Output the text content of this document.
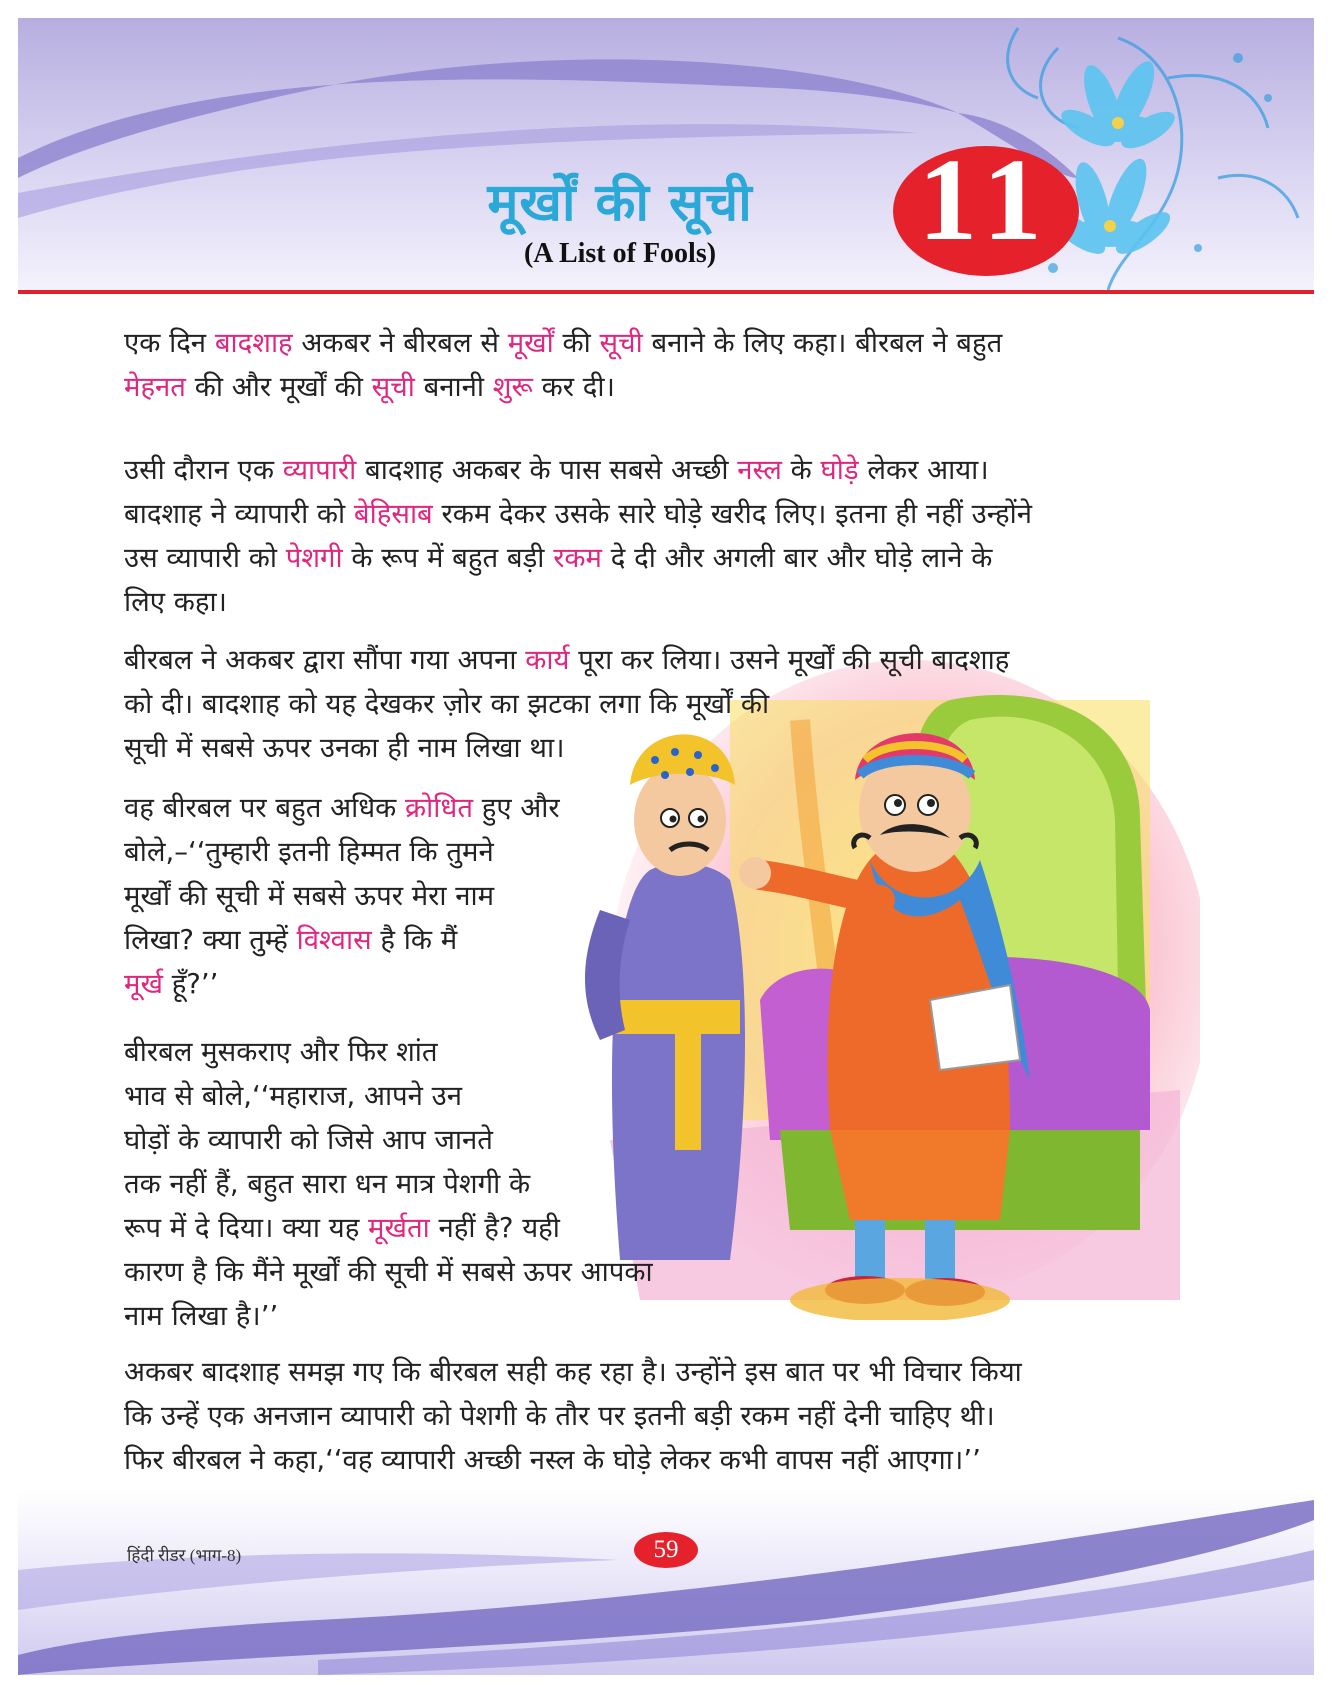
मूर्खों की सूची
(A List of Fools)	11
एक दिन बादशाह अकबर ने बीरबल से मूर्खों की सूची बनाने के लिए कहा। बीरबल ने बहुत
मेहनत की और मूर्खों की सूची बनानी शुरू कर दी।
उसी दौरान एक व्यापारी बादशाह अकबर के पास सबसे अच्छी नस्ल के घोड़े लेकर आया।
बादशाह ने व्यापारी को बेहिसाब रकम देकर उसके सारे घोड़े खरीद लिए। इतना ही नहीं उन्होंने
उस व्यापारी को पेशगी के रूप में बहुत बड़ी रकम दे दी और अगली बार और घोड़े लाने के
लिए कहा।
बीरबल ने अकबर द्वारा सौंपा गया अपना कार्य पूरा कर लिया। उसने मूर्खों की सूची बादशाह
को दी। बादशाह को यह देखकर ज़ोर का झटका लगा कि मूर्खों की
सूची में सबसे ऊपर उनका ही नाम लिखा था।
वह बीरबल पर बहुत अधिक क्रोधित हुए और
बोले,–‘‘तुम्हारी इतनी हिम्मत कि तुमने
मूर्खों की सूची में सबसे ऊपर मेरा नाम
लिखा? क्या तुम्हें विश्वास है कि मैं
मूर्ख हूँ?’’
बीरबल मुसकराए और फिर शांत
भाव से बोले,‘‘महाराज, आपने उन
घोड़ों के व्यापारी को जिसे आप जानते
तक नहीं हैं, बहुत सारा धन मात्र पेशगी के
रूप में दे दिया। क्या यह मूर्खता नहीं है? यही
कारण है कि मैंने मूर्खों की सूची में सबसे ऊपर आपका
नाम लिखा है।’’
अकबर बादशाह समझ गए कि बीरबल सही कह रहा है। उन्होंने इस बात पर भी विचार किया
कि उन्हें एक अनजान व्यापारी को पेशगी के तौर पर इतनी बड़ी रकम नहीं देनी चाहिए थी।
फिर बीरबल ने कहा,‘‘वह व्यापारी अच्छी नस्ल के घोड़े लेकर कभी वापस नहीं आएगा।’’
हिंदी रीडर (भाग-8)	59
